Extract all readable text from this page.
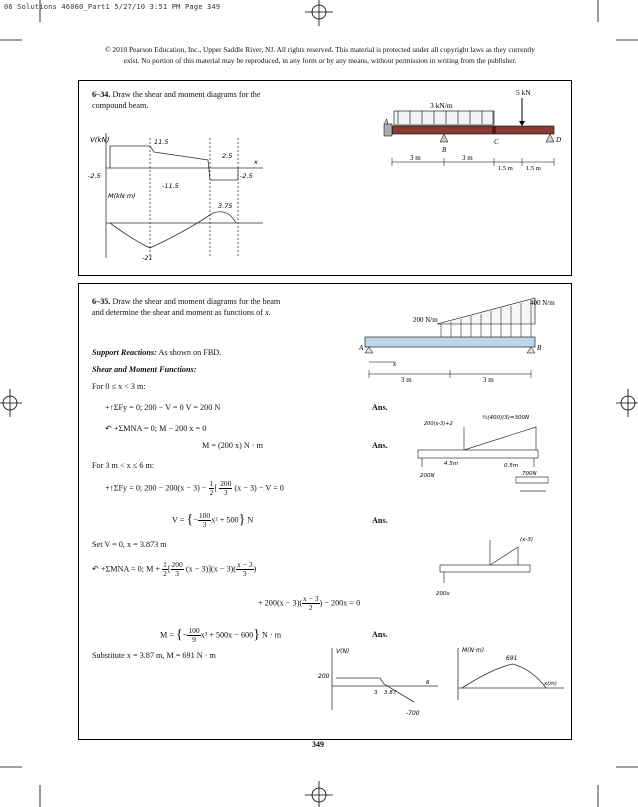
06 Solutions 46060_Part1 5/27/10 3:51 PM Page 349
© 2010 Pearson Education, Inc., Upper Saddle River, NJ. All rights reserved. This material is protected under all copyright laws as they currently
exist. No portion of this material may be reproduced, in any form or by any means, without permission in writing from the publisher.
6–34. Draw the shear and moment diagrams for the
compound beam.	3 kN/m
5 kN
A
B
C	D
3 m	3 m
1.5 m 1.5 m
V(kN)	11.5
2.5
-2.5	-2.5
-11.5
M(kN·m)
3.75
-21
x
6–35. Draw the shear and moment diagrams for the beam
and determine the shear and moment as functions of x.
200 N/m
400 N/m
A	B
x
3 m	3 m
Support Reactions: As shown on FBD.
Shear and Moment Functions:
For 0 ≤ x < 3 m:
+↑ΣFy = 0; 200 − V = 0 V = 200 N	Ans.
↶ +ΣMNA = 0; M − 200 x = 0
M = (200 x) N · m	Ans.
For 3 m < x ≤ 6 m:
+↑ΣFy = 0; $200 - 200(x - 3) - \frac{1}{2}$ [ $\frac{200}{3} (x - 3) - V = 0$
V = {− $\frac{100}{3} x^2 + 500$} N	Ans.
Set V = 0, x = 3.873 m
↶ +ΣMNA = 0; $M + \frac{1}{2}$ [ $\frac{200}{3} (x - 3)](x - 3)( \frac{x - 3}{3}$ )
+ $200(x - 3)( \frac{x - 3}{2}$ ) − 200x = 0
M = {− $\frac{100}{9} x^3 + 500x - 600$} N · m	Ans.
Substitute x = 3.87 m, M = 691 N · m
½(400)(3)=300N
200(x-3)+2
200N	700N
4.5m	0.5m
200x
(x-3)
V(N)
200
-700
3 3.87
6
M(N·m)
691
x(m)
349
